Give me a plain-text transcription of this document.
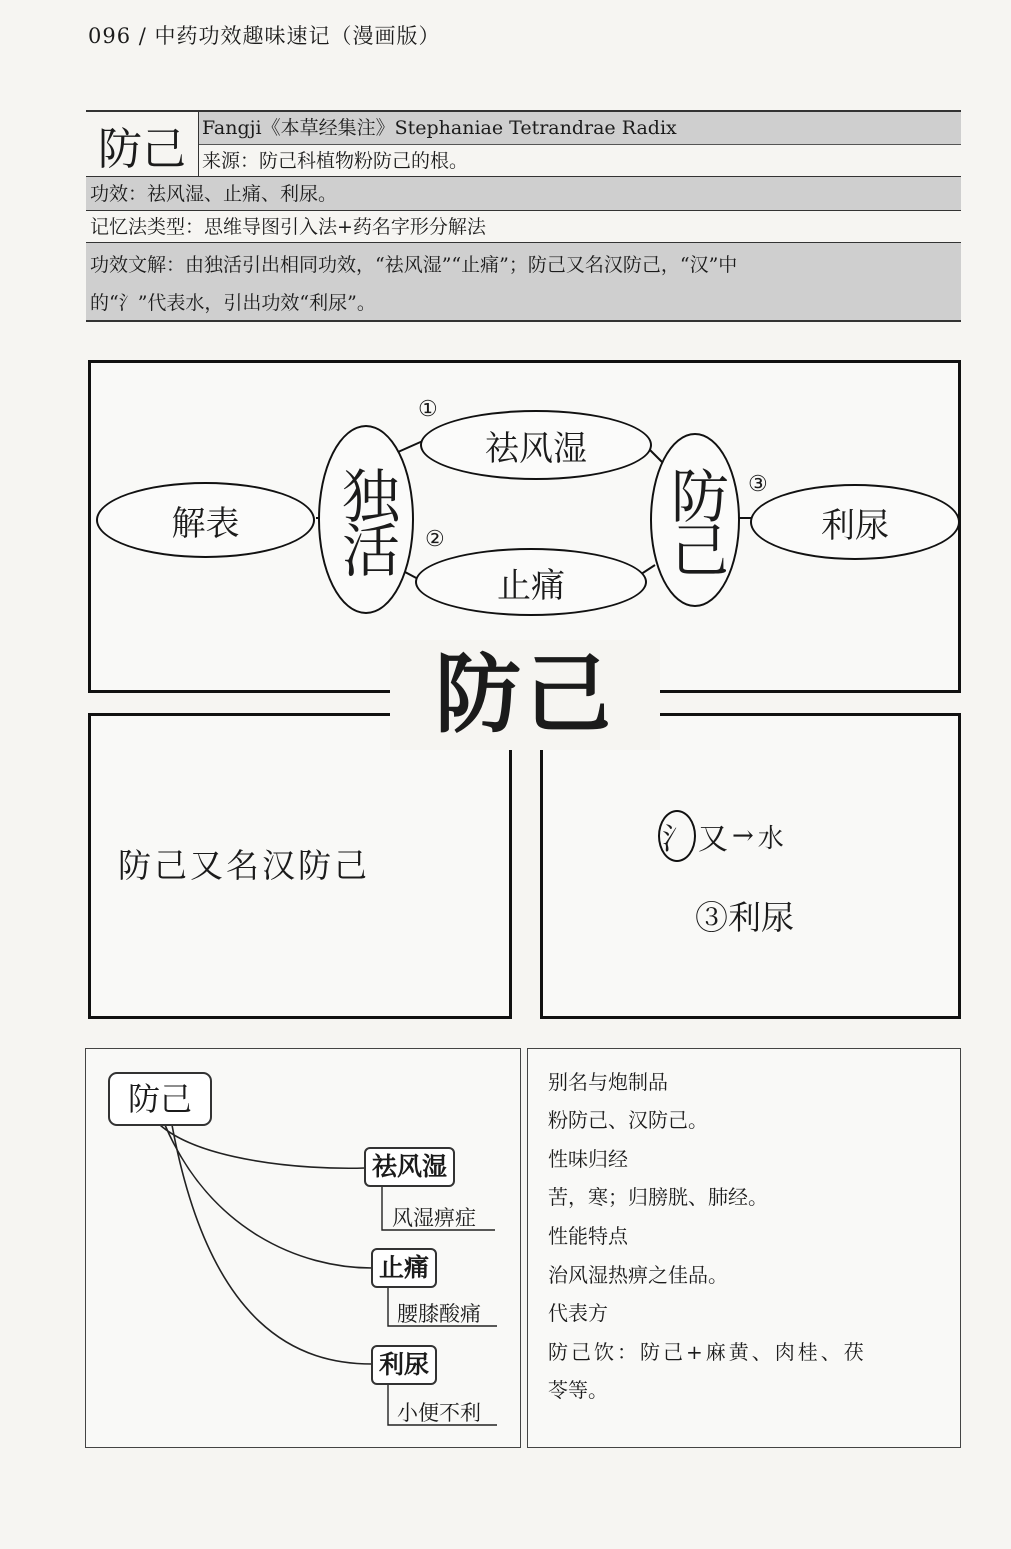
096 / 中药功效趣味速记（漫画版）
防己 Fangji《本草经集注》Stephaniae Tetrandrae Radix
来源：防己科植物粉防己的根。
功效：祛风湿、止痛、利尿。
记忆法类型：思维导图引入法+药名字形分解法
功效文解：由独活引出相同功效，“祛风湿”“止痛”；防己又名汉防己，“汉”中
的“氵”代表水，引出功效“利尿”。
解表	独活
祛风湿
止痛
防己	利尿
①
②
③
防己
防己又名汉防己
氵 又 → 水
③利尿
防己
祛风湿
风湿痹症
止痛
腰膝酸痛
利尿
小便不利
别名与炮制品
粉防己、汉防己。
性味归经
苦，寒；归膀胱、肺经。
性能特点
治风湿热痹之佳品。
代表方
防己饮：防己+麻黄、肉桂、茯
苓等。
